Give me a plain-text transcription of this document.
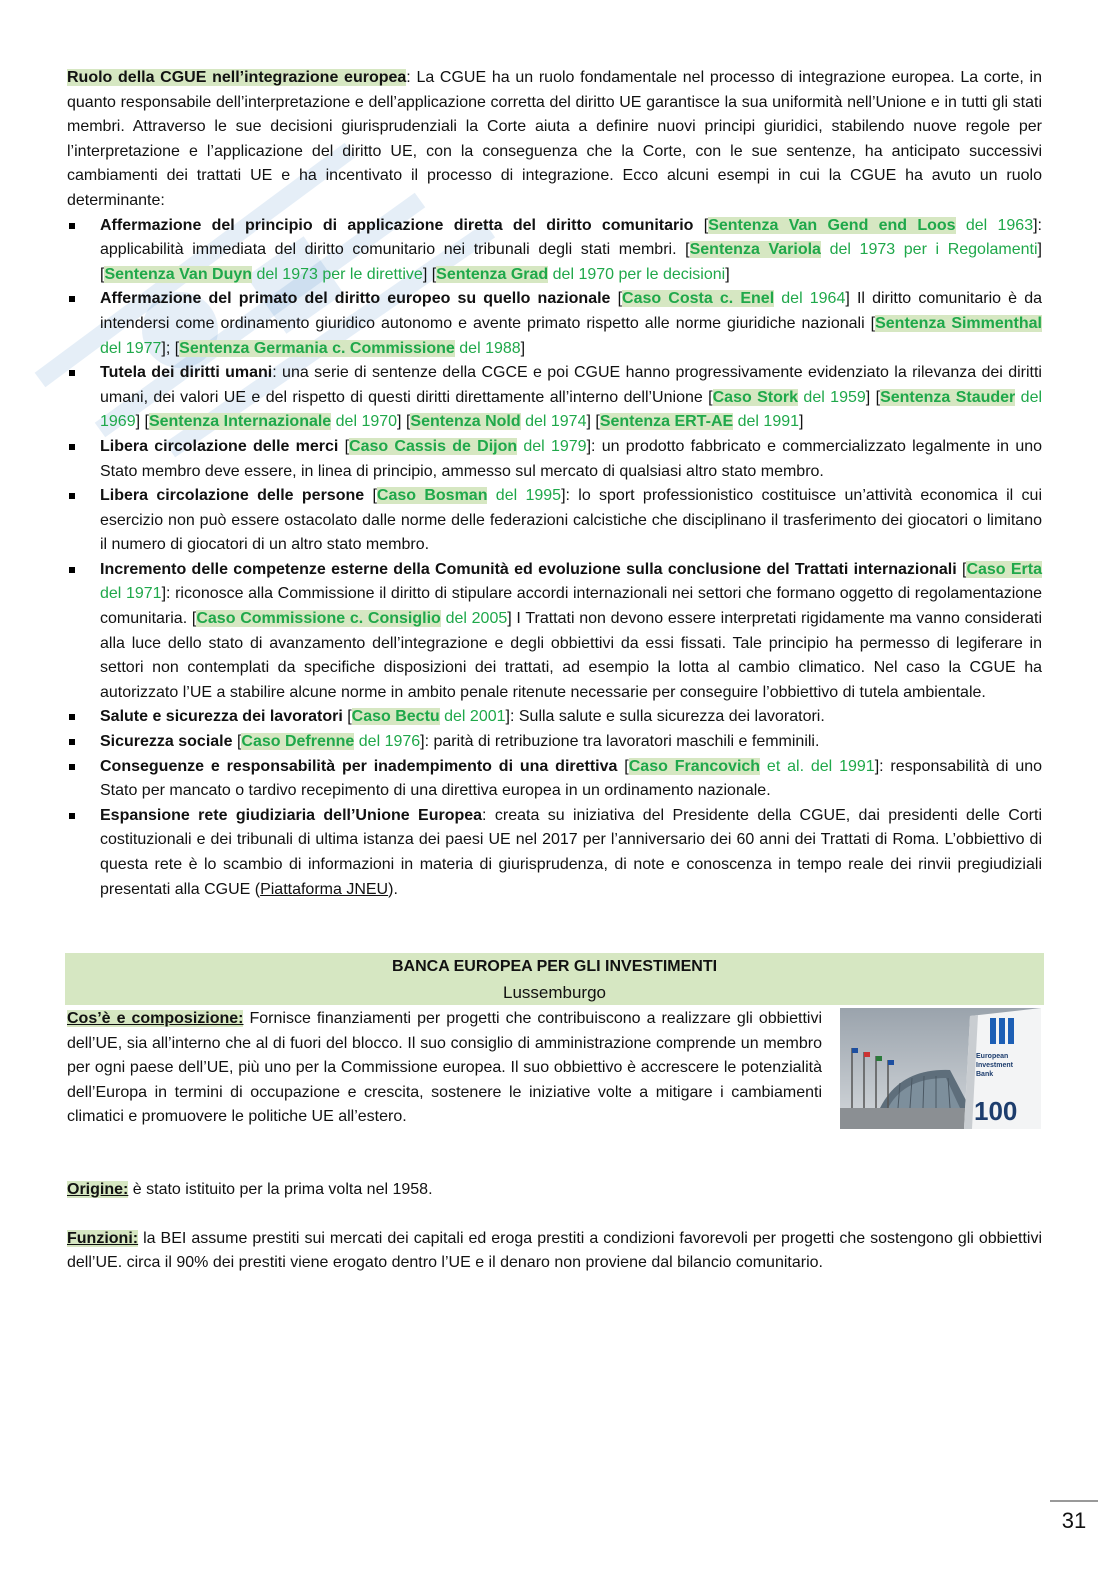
Ruolo della CGUE nell’integrazione europea: La CGUE ha un ruolo fondamentale nel processo di integrazione europea. La corte, in quanto responsabile dell’interpretazione e dell’applicazione corretta del diritto UE garantisce la sua uniformità nell’Unione e in tutti gli stati membri. Attraverso le sue decisioni giurisprudenziali la Corte aiuta a definire nuovi principi giuridici, stabilendo nuove regole per l’interpretazione e l’applicazione del diritto UE, con la conseguenza che la Corte, con le sue sentenze, ha anticipato successivi cambiamenti dei trattati UE e ha incentivato il processo di integrazione. Ecco alcuni esempi in cui la CGUE ha avuto un ruolo determinante:

Affermazione del principio di applicazione diretta del diritto comunitario [Sentenza Van Gend end Loos del 1963]: applicabilità immediata del diritto comunitario nei tribunali degli stati membri. [Sentenza Variola del 1973 per i Regolamenti] [Sentenza Van Duyn del 1973 per le direttive] [Sentenza Grad del 1970 per le decisioni]
Affermazione del primato del diritto europeo su quello nazionale [Caso Costa c. Enel del 1964] Il diritto comunitario è da intendersi come ordinamento giuridico autonomo e avente primato rispetto alle norme giuridiche nazionali [Sentenza Simmenthal del 1977]; [Sentenza Germania c. Commissione del 1988]
Tutela dei diritti umani: una serie di sentenze della CGCE e poi CGUE hanno progressivamente evidenziato la rilevanza dei diritti umani, dei valori UE e del rispetto di questi diritti direttamente all’interno dell’Unione [Caso Stork del 1959] [Sentenza Stauder del 1969] [Sentenza Internazionale del 1970] [Sentenza Nold del 1974] [Sentenza ERT-AE del 1991]
Libera circolazione delle merci [Caso Cassis de Dijon del 1979]: un prodotto fabbricato e commercializzato legalmente in uno Stato membro deve essere, in linea di principio, ammesso sul mercato di qualsiasi altro stato membro.
Libera circolazione delle persone [Caso Bosman del 1995]: lo sport professionistico costituisce un’attività economica il cui esercizio non può essere ostacolato dalle norme delle federazioni calcistiche che disciplinano il trasferimento dei giocatori o limitano il numero di giocatori di un altro stato membro.
Incremento delle competenze esterne della Comunità ed evoluzione sulla conclusione del Trattati internazionali [Caso Erta del 1971]: riconosce alla Commissione il diritto di stipulare accordi internazionali nei settori che formano oggetto di regolamentazione comunitaria. [Caso Commissione c. Consiglio del 2005] I Trattati non devono essere interpretati rigidamente ma vanno considerati alla luce dello stato di avanzamento dell’integrazione e degli obbiettivi da essi fissati. Tale principio ha permesso di legiferare in settori non contemplati da specifiche disposizioni dei trattati, ad esempio la lotta al cambio climatico. Nel caso la CGUE ha autorizzato l’UE a stabilire alcune norme in ambito penale ritenute necessarie per conseguire l’obbiettivo di tutela ambientale.
Salute e sicurezza dei lavoratori [Caso Bectu del 2001]: Sulla salute e sulla sicurezza dei lavoratori.
Sicurezza sociale [Caso Defrenne del 1976]: parità di retribuzione tra lavoratori maschili e femminili.
Conseguenze e responsabilità per inadempimento di una direttiva [Caso Francovich et al. del 1991]: responsabilità di uno Stato per mancato o tardivo recepimento di una direttiva europea in un ordinamento nazionale.
Espansione rete giudiziaria dell’Unione Europea: creata su iniziativa del Presidente della CGUE, dai presidenti delle Corti costituzionali e dei tribunali di ultima istanza dei paesi UE nel 2017 per l’anniversario dei 60 anni dei Trattati di Roma. L’obbiettivo di questa rete è lo scambio di informazioni in materia di giurisprudenza, di note e conoscenza in tempo reale dei rinvii pregiudiziali presentati alla CGUE (Piattaforma JNEU).
BANCA EUROPEA PER GLI INVESTIMENTI
Lussemburgo

Cos’è e composizione: Fornisce finanziamenti per progetti che contribuiscono a realizzare gli obbiettivi dell’UE, sia all’interno che al di fuori del blocco. Il suo consiglio di amministrazione comprende un membro per ogni paese dell’UE, più uno per la Commissione europea. Il suo obbiettivo è accrescere le potenzialità dell’Europa in termini di occupazione e crescita, sostenere le iniziative volte a mitigare i cambiamenti climatici e promuovere le politiche UE all’estero.

Origine: è stato istituito per la prima volta nel 1958.

Funzioni: la BEI assume prestiti sui mercati dei capitali ed eroga prestiti a condizioni favorevoli per progetti che sostengono gli obbiettivi dell’UE. circa il 90% dei prestiti viene erogato dentro l’UE e il denaro non proviene dal bilancio comunitario.

European
Investment
Bank
100
31
